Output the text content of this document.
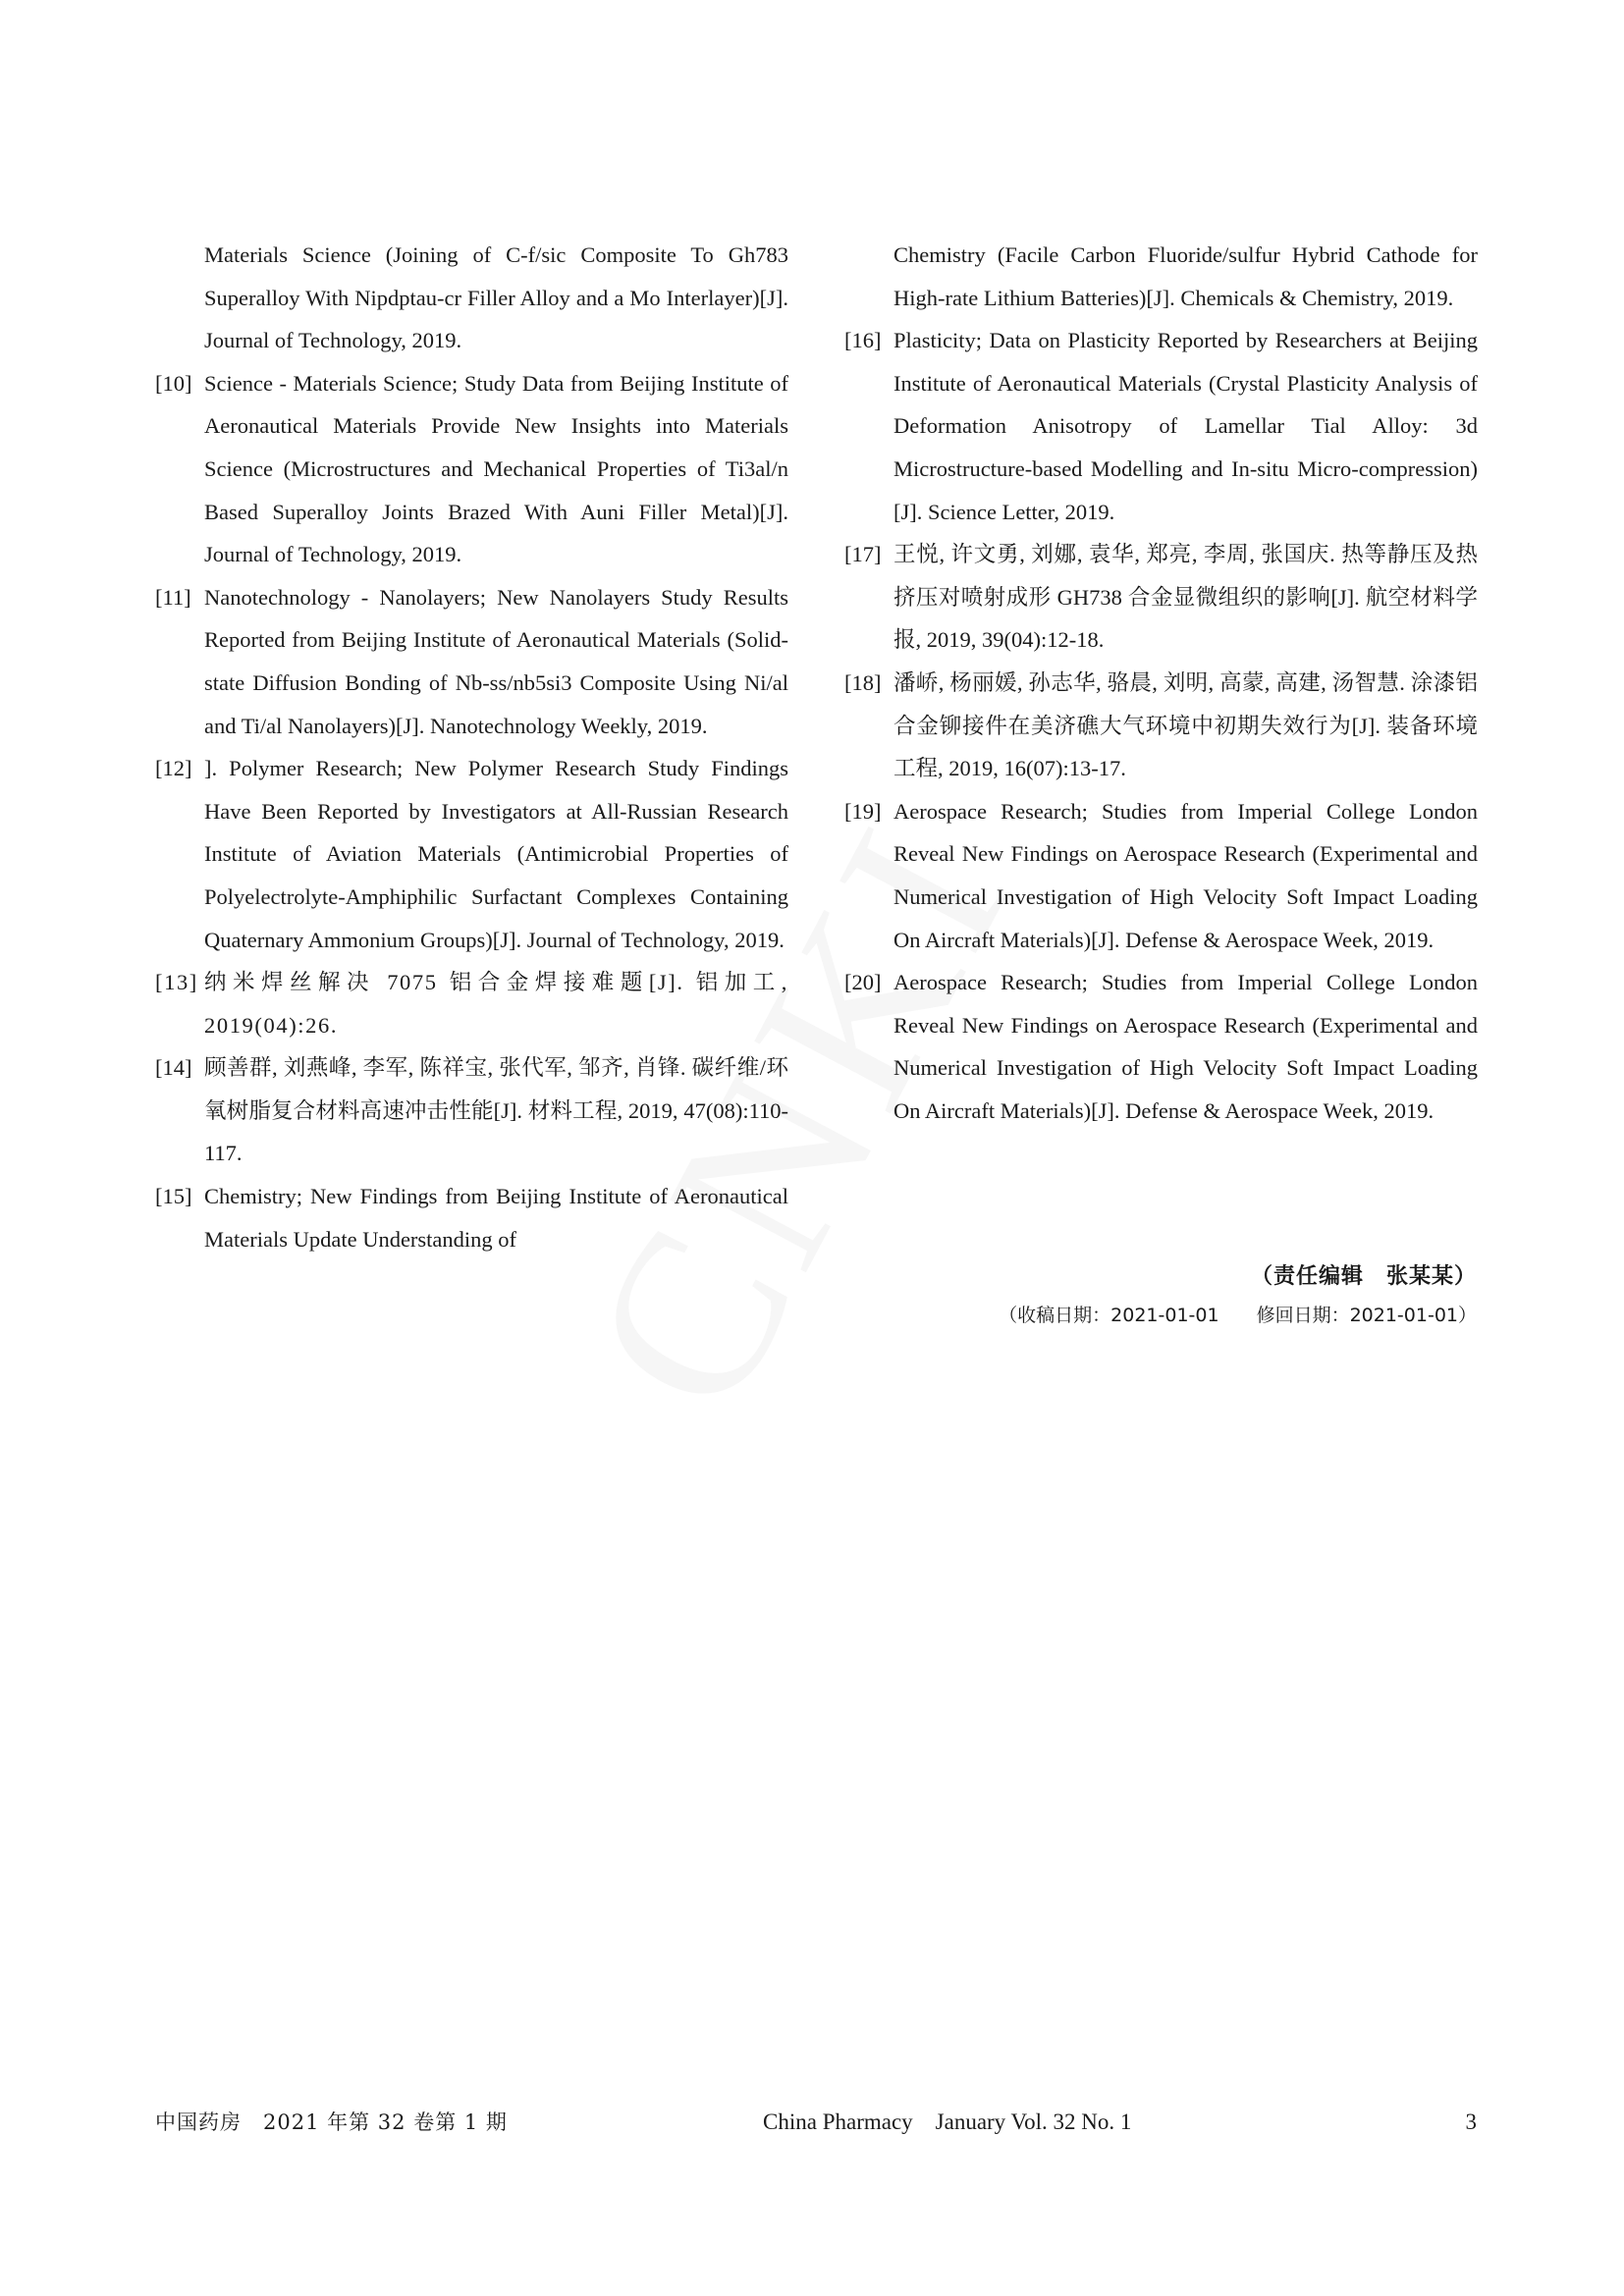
Materials Science (Joining of C-f/sic Composite To Gh783 Superalloy With Nipdptau-cr Filler Alloy and a Mo Interlayer)[J]. Journal of Technology, 2019.
[10] Science - Materials Science; Study Data from Beijing Institute of Aeronautical Materials Provide New Insights into Materials Science (Microstructures and Mechanical Properties of Ti3al/n Based Superalloy Joints Brazed With Auni Filler Metal)[J]. Journal of Technology, 2019.
[11] Nanotechnology - Nanolayers; New Nanolayers Study Results Reported from Beijing Institute of Aeronautical Materials (Solid-state Diffusion Bonding of Nb-ss/nb5si3 Composite Using Ni/al and Ti/al Nanolayers)[J]. Nanotechnology Weekly, 2019.
[12] ]. Polymer Research; New Polymer Research Study Findings Have Been Reported by Investigators at All-Russian Research Institute of Aviation Materials (Antimicrobial Properties of Polyelectrolyte-Amphiphilic Surfactant Complexes Containing Quaternary Ammonium Groups)[J]. Journal of Technology, 2019.
[13] 纳米焊丝解决 7075 铝合金焊接难题[J]. 铝加工, 2019(04):26.
[14] 顾善群, 刘燕峰, 李军, 陈祥宝, 张代军, 邹齐, 肖锋. 碳纤维/环氧树脂复合材料高速冲击性能[J]. 材料工程, 2019, 47(08):110-117.
[15] Chemistry; New Findings from Beijing Institute of Aeronautical Materials Update Understanding of
Chemistry (Facile Carbon Fluoride/sulfur Hybrid Cathode for High-rate Lithium Batteries)[J]. Chemicals & Chemistry, 2019.
[16] Plasticity; Data on Plasticity Reported by Researchers at Beijing Institute of Aeronautical Materials (Crystal Plasticity Analysis of Deformation Anisotropy of Lamellar Tial Alloy: 3d Microstructure-based Modelling and In-situ Micro-compression)[J]. Science Letter, 2019.
[17] 王悦, 许文勇, 刘娜, 袁华, 郑亮, 李周, 张国庆. 热等静压及热挤压对喷射成形 GH738 合金显微组织的影响[J]. 航空材料学报, 2019, 39(04):12-18.
[18] 潘峤, 杨丽媛, 孙志华, 骆晨, 刘明, 高蒙, 高建, 汤智慧. 涂漆铝合金铆接件在美济礁大气环境中初期失效行为[J]. 装备环境工程, 2019, 16(07):13-17.
[19] Aerospace Research; Studies from Imperial College London Reveal New Findings on Aerospace Research (Experimental and Numerical Investigation of High Velocity Soft Impact Loading On Aircraft Materials)[J]. Defense & Aerospace Week, 2019.
[20] Aerospace Research; Studies from Imperial College London Reveal New Findings on Aerospace Research (Experimental and Numerical Investigation of High Velocity Soft Impact Loading On Aircraft Materials)[J]. Defense & Aerospace Week, 2019.
（责任编辑　张某某）
（收稿日期：2021-01-01 修回日期：2021-01-01）
中国药房　2021 年第 32 卷第 1 期	China Pharmacy　January Vol. 32 No. 1	3
